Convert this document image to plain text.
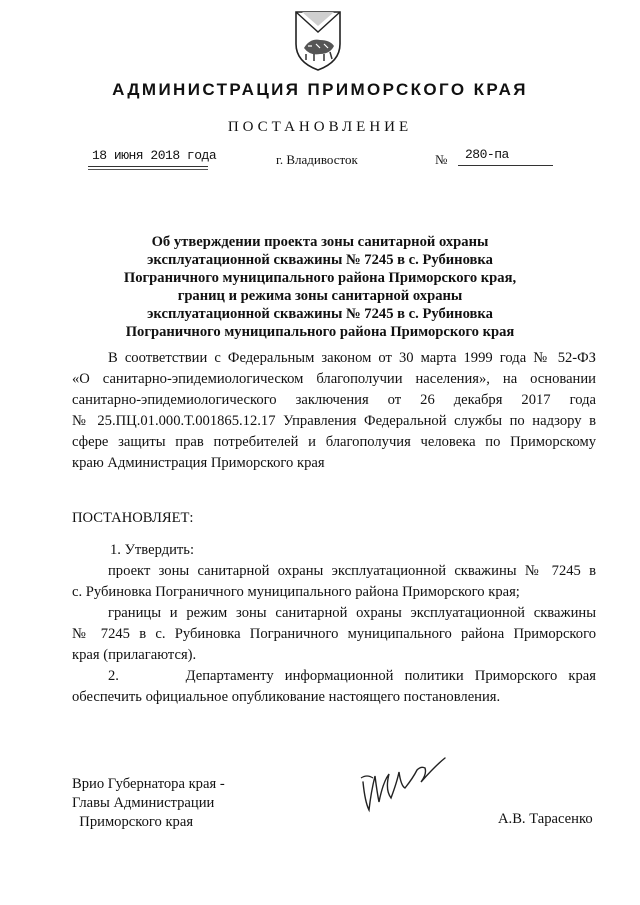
АДМИНИСТРАЦИЯ ПРИМОРСКОГО КРАЯ
ПОСТАНОВЛЕНИЕ
18 июня 2018 года	г. Владивосток	№ 280-па
Об утверждении проекта зоны санитарной охраны
эксплуатационной скважины № 7245 в с. Рубиновка
Пограничного муниципального района Приморского края,
границ и режима зоны санитарной охраны
эксплуатационной скважины № 7245 в с. Рубиновка
Пограничного муниципального района Приморского края
В соответствии с Федеральным законом от 30 марта 1999 года № 52-ФЗ
«О санитарно-эпидемиологическом благополучии населения», на основании
санитарно-эпидемиологического заключения от 26 декабря 2017 года
№ 25.ПЦ.01.000.Т.001865.12.17 Управления Федеральной службы по надзору в
сфере защиты прав потребителей и благополучия человека по Приморскому
краю Администрация Приморского края
ПОСТАНОВЛЯЕТ:
1. Утвердить:
проект зоны санитарной охраны эксплуатационной скважины № 7245 в
с. Рубиновка Пограничного муниципального района Приморского края;
границы и режим зоны санитарной охраны эксплуатационной скважины
№ 7245 в с. Рубиновка Пограничного муниципального района Приморского
края (прилагаются).
2.      Департаменту информационной политики Приморского края
обеспечить официальное опубликование настоящего постановления.
Врио Губернатора края -
Главы Администрации
Приморского края	А.В. Тарасенко
